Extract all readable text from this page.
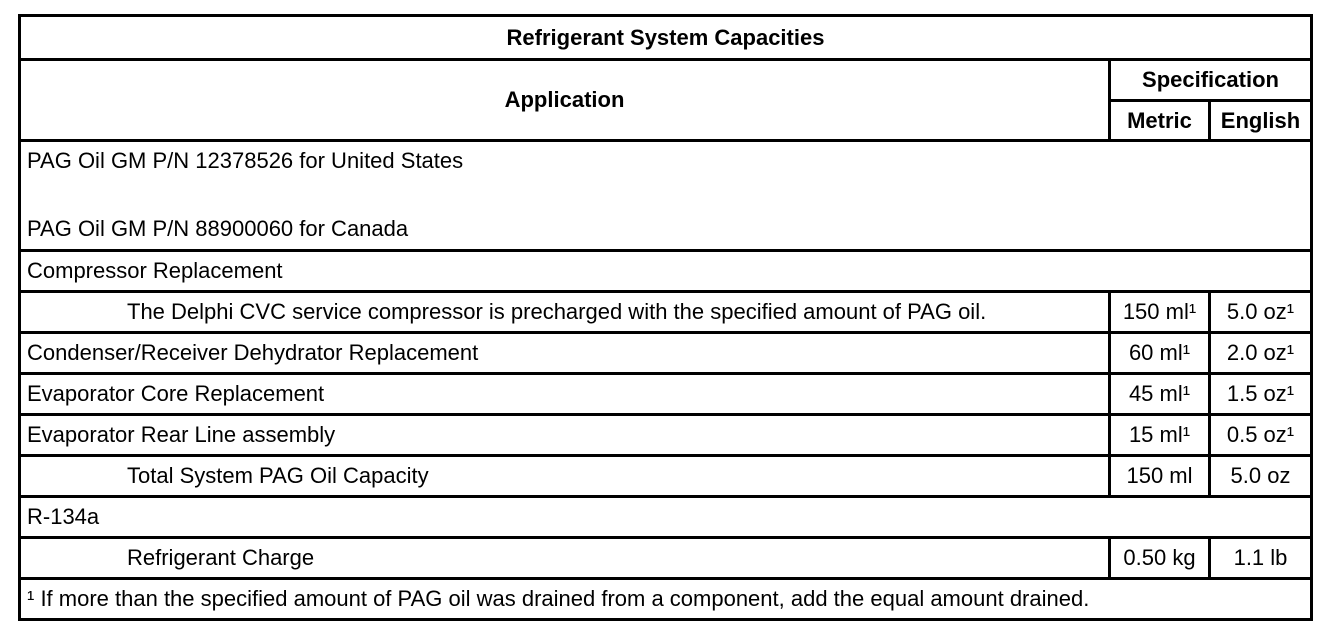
Refrigerant System Capacities		
Application	Specification	
	Metric	English

PAG Oil GM P/N 12378526 for United States
PAG Oil GM P/N 88900060 for Canada		

Compressor Replacement		
The Delphi CVC service compressor is precharged with the specified amount of PAG oil.	150 ml¹	5.0 oz¹
Condenser/Receiver Dehydrator Replacement	60 ml¹	2.0 oz¹
Evaporator Core Replacement	45 ml¹	1.5 oz¹
Evaporator Rear Line assembly	15 ml¹	0.5 oz¹
Total System PAG Oil Capacity	150 ml	5.0 oz
R-134a		
Refrigerant Charge	0.50 kg	1.1 lb
¹ If more than the specified amount of PAG oil was drained from a component, add the equal amount drained.		
